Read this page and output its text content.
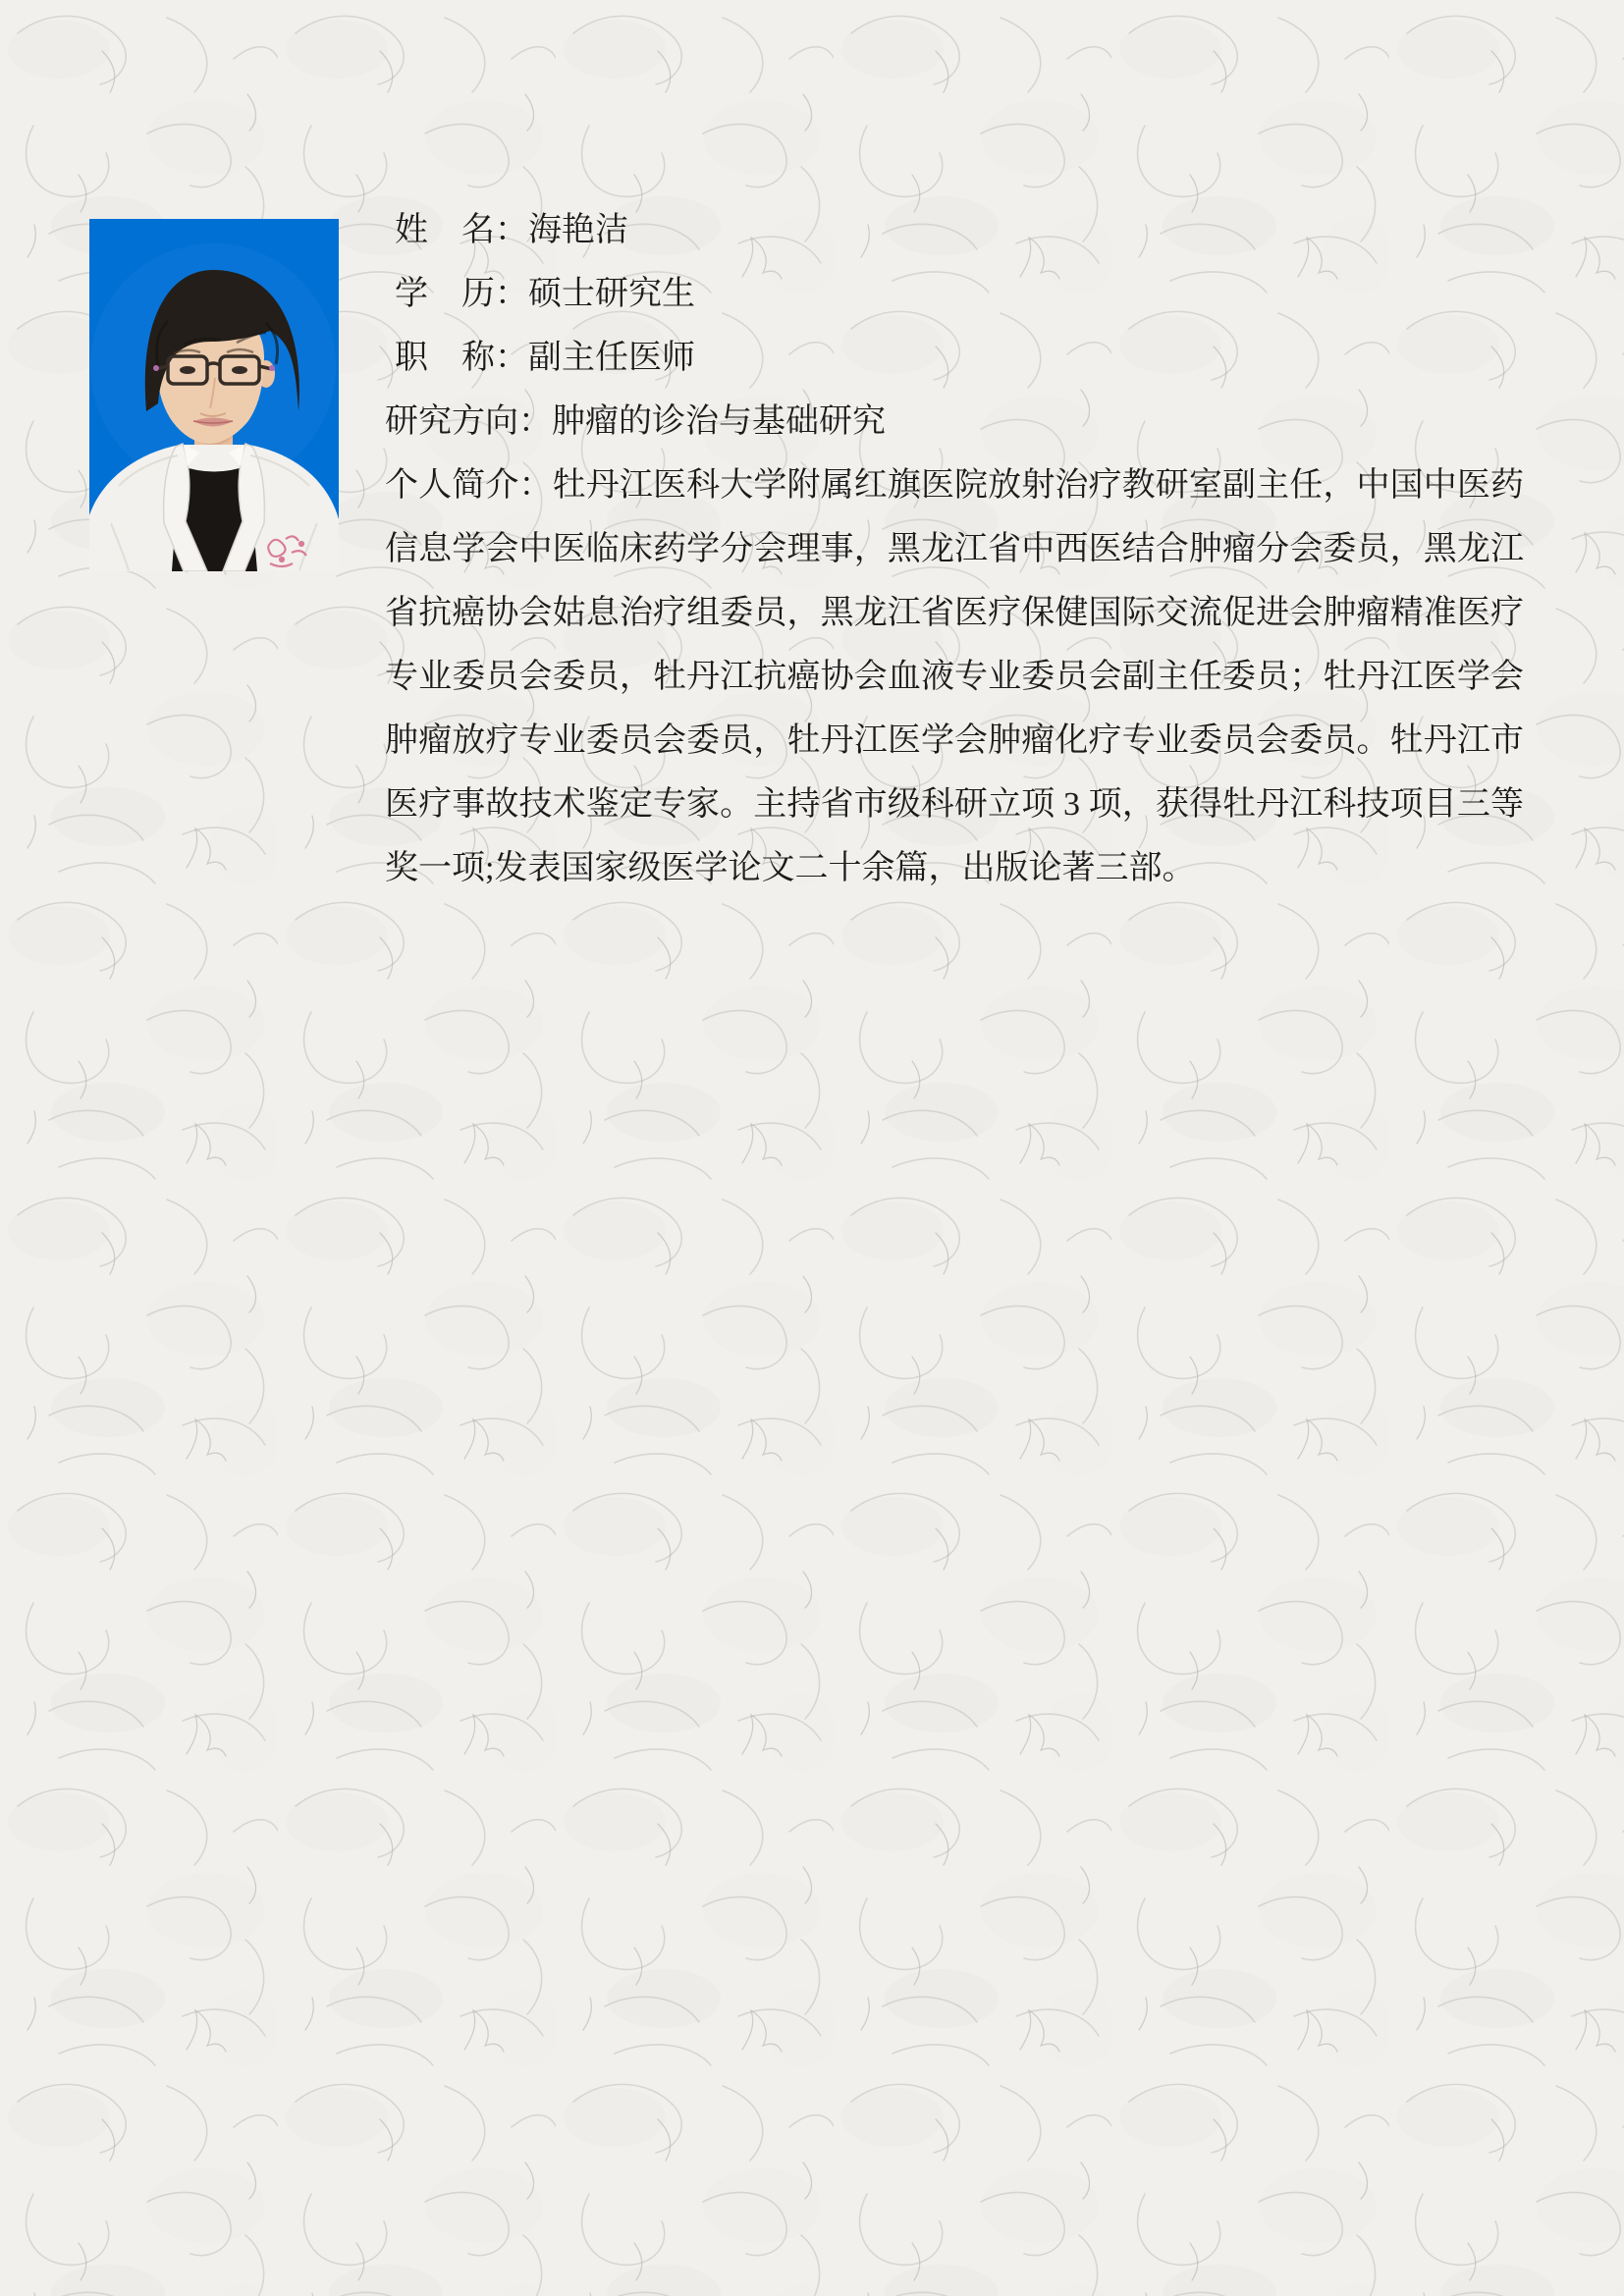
姓　名：海艳洁
学　历：硕士研究生
职　称：副主任医师
研究方向：肿瘤的诊治与基础研究
个人简介：牡丹江医科大学附属红旗医院放射治疗教研室副主任，中国中医药
信息学会中医临床药学分会理事，黑龙江省中西医结合肿瘤分会委员，黑龙江
省抗癌协会姑息治疗组委员，黑龙江省医疗保健国际交流促进会肿瘤精准医疗
专业委员会委员，牡丹江抗癌协会血液专业委员会副主任委员；牡丹江医学会
肿瘤放疗专业委员会委员，牡丹江医学会肿瘤化疗专业委员会委员。牡丹江市
医疗事故技术鉴定专家。主持省市级科研立项 3 项，获得牡丹江科技项目三等
奖一项;发表国家级医学论文二十余篇，出版论著三部。
